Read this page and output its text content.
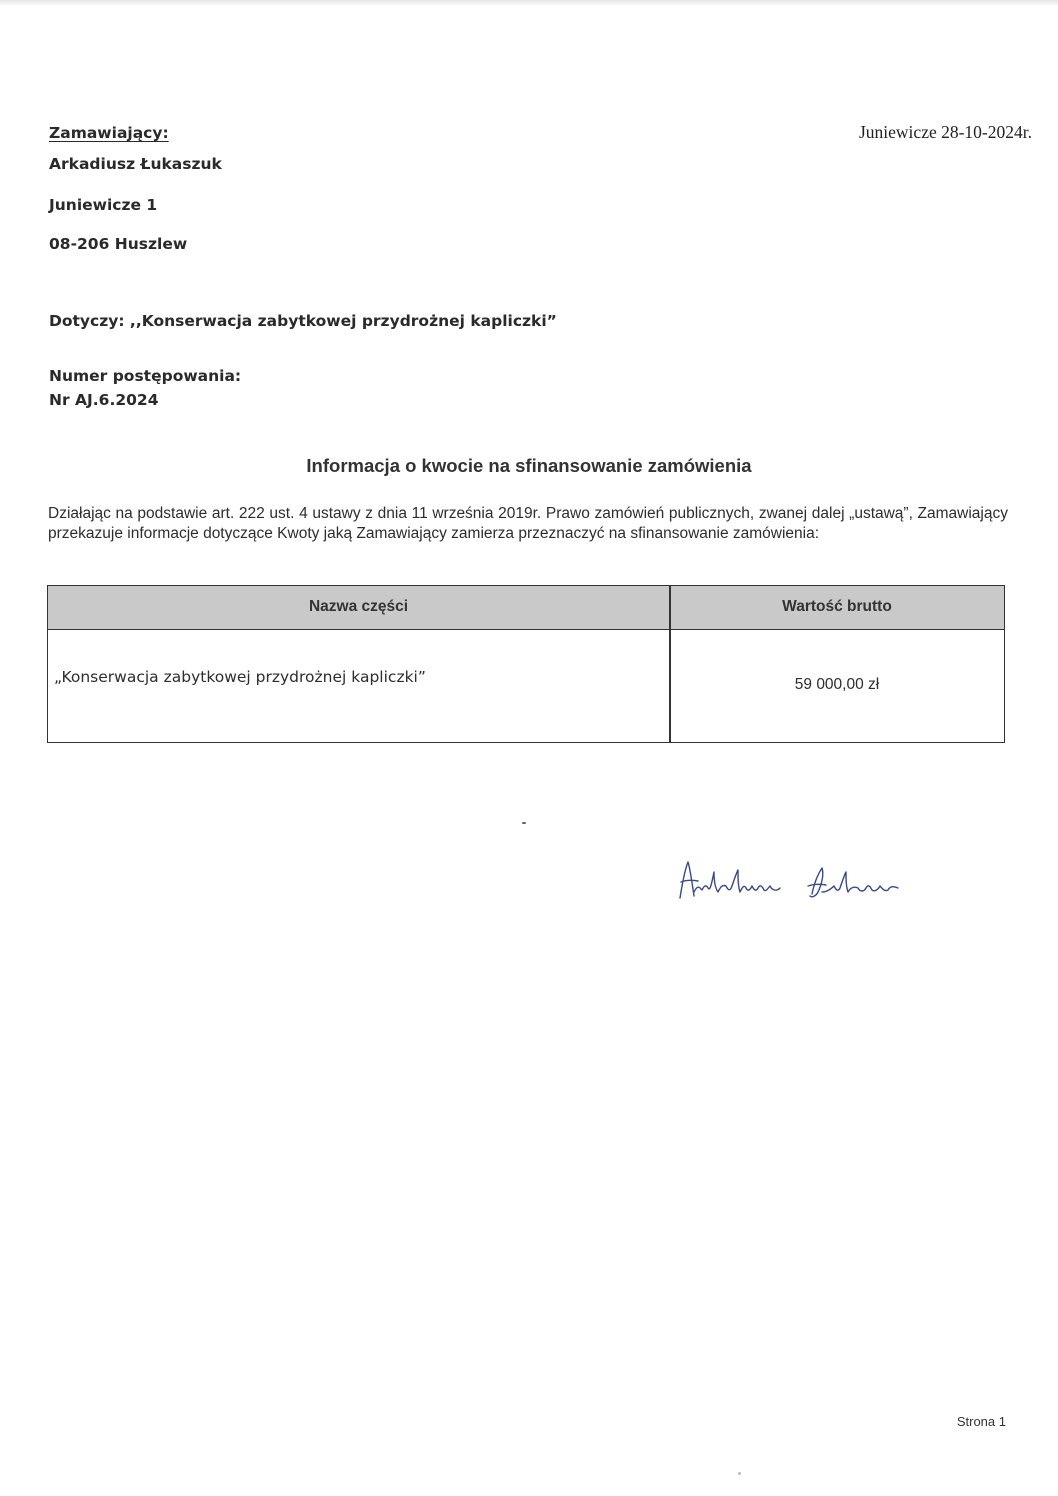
Juniewicze 28-10-2024r.
Zamawiający:
Arkadiusz Łukaszuk
Juniewicze 1
08-206 Huszlew
Dotyczy: ,,Konserwacja zabytkowej przydrożnej kapliczki”
Numer postępowania:
Nr AJ.6.2024
Informacja o kwocie na sfinansowanie zamówienia
Działając na podstawie art. 222 ust. 4 ustawy z dnia 11 września 2019r. Prawo zamówień publicznych, zwanej dalej „ustawą”, Zamawiający przekazuje informacje dotyczące Kwoty jaką Zamawiający zamierza przeznaczyć na sfinansowanie zamówienia:
Nazwa części	Wartość brutto
„Konserwacja zabytkowej przydrożnej kapliczki”	59 000,00 zł
Strona 1
